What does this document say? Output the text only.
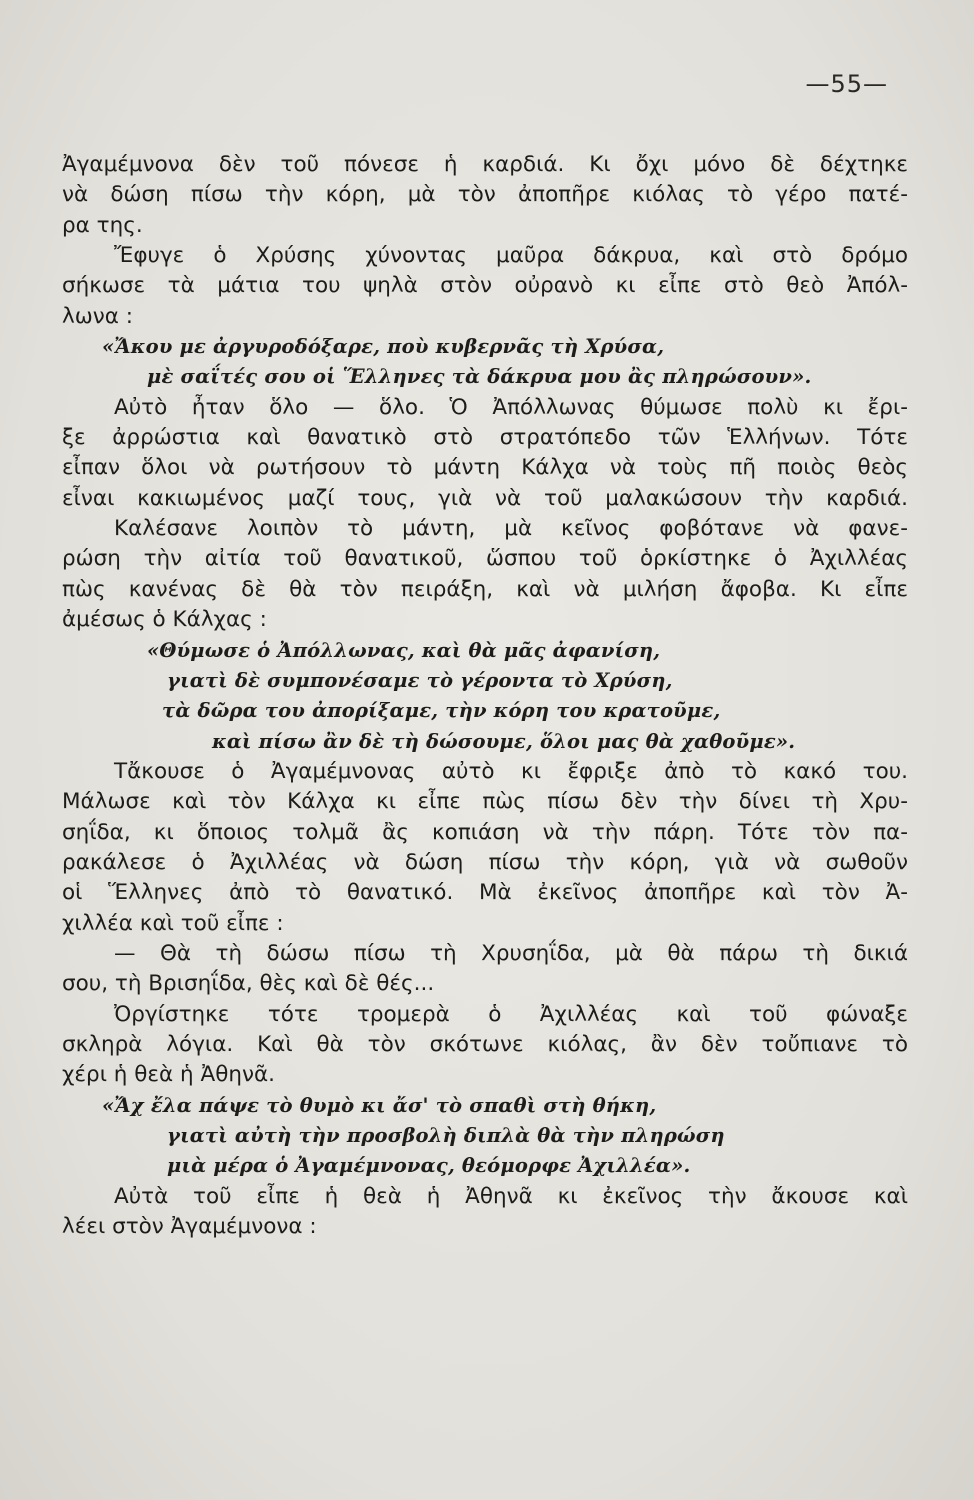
—55—
Ἀγαμέμνονα δὲν τοῦ πόνεσε ἡ καρδιά. Κι ὄχι μόνο δὲ δέχτηκε
νὰ δώση πίσω τὴν κόρη, μὰ τὸν ἀποπῆρε κιόλας τὸ γέρο πατέ-
ρα της.
Ἔφυγε ὁ Χρύσης χύνοντας μαῦρα δάκρυα, καὶ στὸ δρόμο
σήκωσε τὰ μάτια του ψηλὰ στὸν οὐρανὸ κι εἶπε στὸ θεὸ Ἀπόλ-
λωνα :
«Ἄκου με ἀργυρoδόξαρε, ποὺ κυβερνᾶς τὴ Χρύσα,
μὲ σαΐτές σου οἱ Ἕλληνες τὰ δάκρυα μου ἂς πληρώσουν».
Αὐτὸ ἦταν ὅλο — ὅλο. Ὁ Ἀπόλλωνας θύμωσε πολὺ κι ἔρι-
ξε ἀρρώστια καὶ θανατικὸ στὸ στρατόπεδο τῶν Ἑλλήνων. Τότε
εἶπαν ὅλοι νὰ ρωτήσουν τὸ μάντη Κάλχα νὰ τοὺς πῆ ποιὸς θεὸς
εἶναι κακιωμένος μαζί τους, γιὰ νὰ τοῦ μαλακώσουν τὴν καρδιά.
Καλέσανε λοιπὸν τὸ μάντη, μὰ κεῖνος φοβότανε νὰ φανε-
ρώση τὴν αἰτία τοῦ θανατικοῦ, ὥσπου τοῦ ὁρκίστηκε ὁ Ἀχιλλέας
πὼς κανένας δὲ θὰ τὸν πειράξη, καὶ νὰ μιλήση ἄφοβα. Κι εἶπε
ἀμέσως ὁ Κάλχας :
«Θύμωσε ὁ Ἀπόλλωνας, καὶ θὰ μᾶς ἀφανίση,
γιατὶ δὲ συμπονέσαμε τὸ γέροντα τὸ Χρύση,
τὰ δῶρα του ἀπορίξαμε, τὴν κόρη του κρατοῦμε,
καὶ πίσω ἂν δὲ τὴ δώσουμε, ὅλοι μας θὰ χαθοῦμε».
Τἄκουσε ὁ Ἀγαμέμνονας αὐτὸ κι ἔφριξε ἀπὸ τὸ κακό του.
Μάλωσε καὶ τὸν Κάλχα κι εἶπε πὼς πίσω δὲν τὴν δίνει τὴ Χρυ-
σηΐδα, κι ὅποιος τολμᾶ ἂς κοπιάση νὰ τὴν πάρη. Τότε τὸν πα-
ρακάλεσε ὁ Ἀχιλλέας νὰ δώση πίσω τὴν κόρη, γιὰ νὰ σωθοῦν
οἱ Ἕλληνες ἀπὸ τὸ θανατικό. Μὰ ἐκεῖνος ἀποπῆρε καὶ τὸν Ἀ-
χιλλέα καὶ τοῦ εἶπε :
— Θὰ τὴ δώσω πίσω τὴ Χρυσηΐδα, μὰ θὰ πάρω τὴ δικιά
σου, τὴ Βρισηΐδα, θὲς καὶ δὲ θές...
Ὀργίστηκε τότε τρομερὰ ὁ Ἀχιλλέας καὶ τοῦ φώναξε
σκληρὰ λόγια. Καὶ θὰ τὸν σκότωνε κιόλας, ἂν δὲν τοὔπιανε τὸ
χέρι ἡ θεὰ ἡ Ἀθηνᾶ.
«Ἄχ ἔλα πάψε τὸ θυμὸ κι ἄσ' τὸ σπαθὶ στὴ θήκη,
γιατὶ αὐτὴ τὴν προσβολὴ διπλὰ θὰ τὴν πληρώση
μιὰ μέρα ὁ Ἀγαμέμνονας, θεόμορφε Ἀχιλλέα».
Αὐτὰ τοῦ εἶπε ἡ θεὰ ἡ Ἀθηνᾶ κι ἐκεῖνος τὴν ἄκουσε καὶ
λέει στὸν Ἀγαμέμνονα :
